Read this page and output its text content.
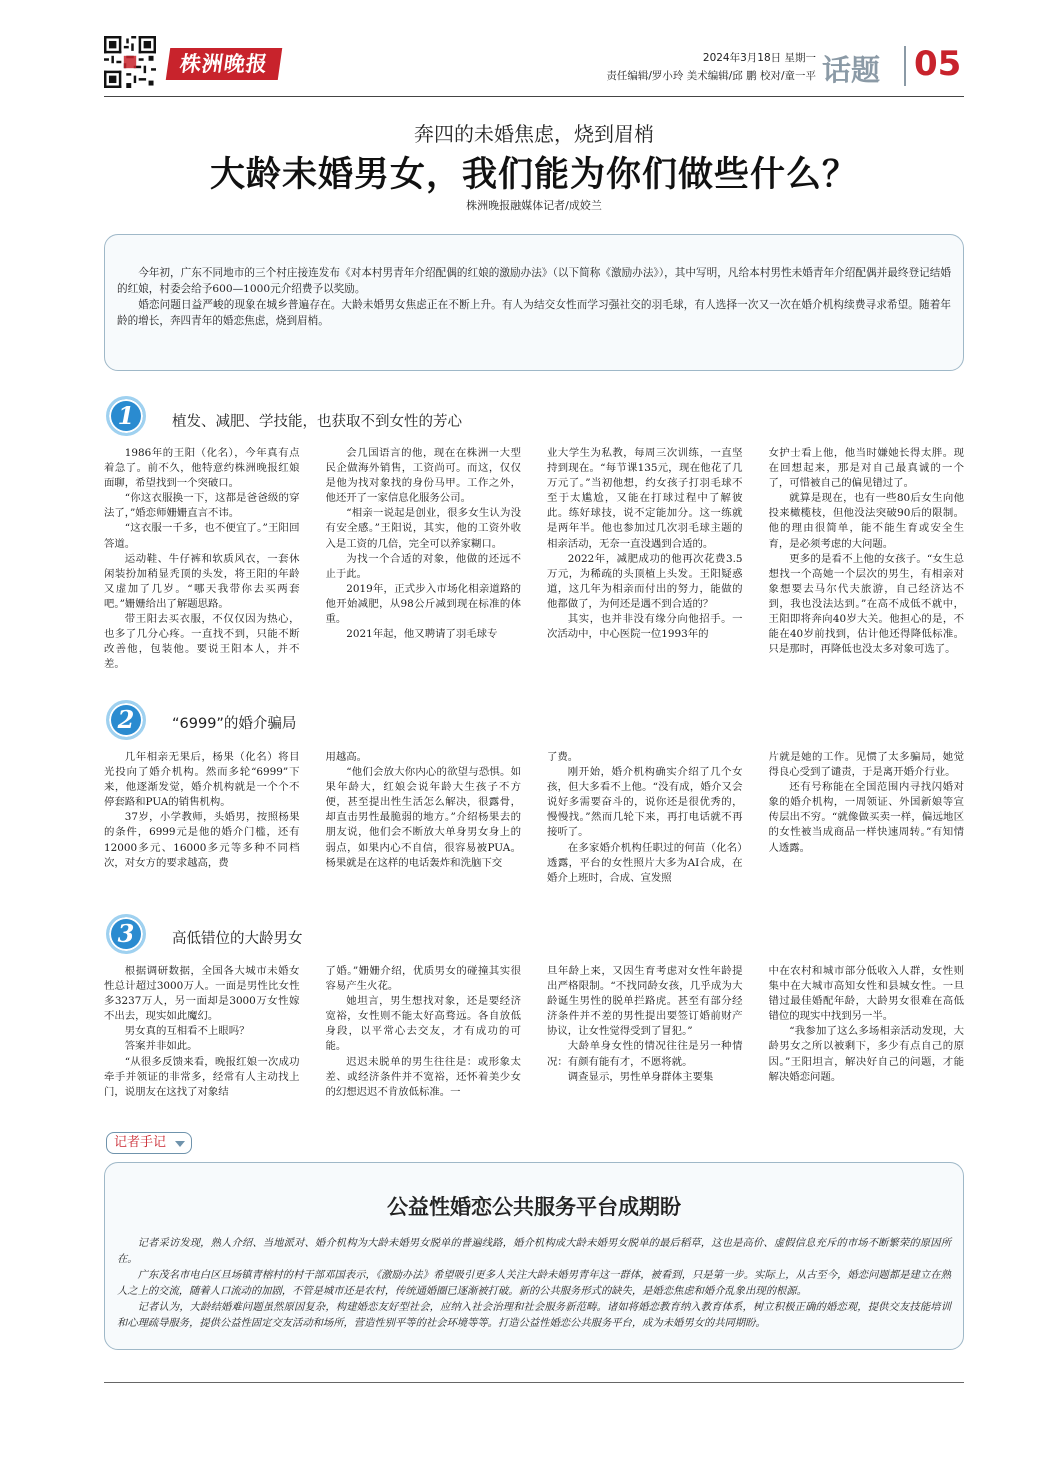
株洲晚报	2024年3月18日 星期一
责任编辑/罗小玲 美术编辑/邱 鹏 校对/童一平 话题 05
奔四的未婚焦虑，烧到眉梢
大龄未婚男女，我们能为你们做些什么？
株洲晚报融媒体记者/成姣兰

今年初，广东不同地市的三个村庄接连发布《对本村男青年介绍配偶的红娘的激励办法》（以下简称《激励办法》），其中写明，凡给本村男性未婚青年介绍配偶并最终登记结婚的红娘，村委会给予600—1000元介绍费予以奖励。

婚恋问题日益严峻的现象在城乡普遍存在。大龄未婚男女焦虑正在不断上升。有人为结交女性而学习强社交的羽毛球，有人选择一次又一次在婚介机构续费寻求希望。随着年龄的增长，奔四青年的婚恋焦虑，烧到眉梢。

1	植发、减肥、学技能，也获取不到女性的芳心

1986年的王阳（化名），今年真有点着急了。前不久，他特意约株洲晚报红娘面聊，希望找到一个突破口。

“你这衣服换一下，这都是爸爸级的穿法了，”婚恋师姗姗直言不讳。

“这衣服一千多，也不便宜了。”王阳回答道。

运动鞋、牛仔裤和软质风衣，一套休闲装扮加稍显秃顶的头发，将王阳的年龄又虚加了几岁。“哪天我带你去买两套吧。”姗姗给出了解题思路。

带王阳去买衣服，不仅仅因为热心，也多了几分心疼。一直找不到，只能不断改善他，包装他。要说王阳本人，并不差。

会几国语言的他，现在在株洲一大型民企做海外销售，工资尚可。而这，仅仅是他为找对象找的身份马甲。工作之外，他还开了一家信息化服务公司。

“相亲一说起是创业，很多女生认为没有安全感。”王阳说，其实，他的工资外收入是工资的几倍，完全可以养家糊口。

为找一个合适的对象，他做的还远不止于此。

2019年，正式步入市场化相亲道路的他开始减肥，从98公斤减到现在标准的体重。

2021年起，他又聘请了羽毛球专

业大学生为私教，每周三次训练，一直坚持到现在。“每节课135元，现在他花了几万元了。”当初他想，约女孩子打羽毛球不至于太尴尬，又能在打球过程中了解彼此。练好球技，说不定能加分。这一练就是两年半。他也参加过几次羽毛球主题的相亲活动，无奈一直没遇到合适的。

2022年，减肥成功的他再次花费3.5万元，为稀疏的头顶植上头发。王阳疑惑道，这几年为相亲而付出的努力，能做的他都做了，为何还是遇不到合适的？

其实，也并非没有缘分向他招手。一次活动中，中心医院一位1993年的

女护士看上他，他当时嫌她长得太胖。现在回想起来，那是对自己最真诚的一个了，可惜被自己的偏见错过了。

就算是现在，也有一些80后女生向他投来橄榄枝，但他没法突破90后的限制。他的理由很简单，能不能生育或安全生育，是必须考虑的大问题。

更多的是看不上他的女孩子。“女生总想找一个高她一个层次的男生，有相亲对象想要去马尔代夫旅游，自己经济达不到，我也没法达到。”在高不成低不就中，王阳即将奔向40岁大关。他担心的是，不能在40岁前找到，估计他还得降低标准。只是那时，再降低也没太多对象可选了。

2	“6999”的婚介骗局

几年相亲无果后，杨果（化名）将目光投向了婚介机构。然而多轮“6999”下来，他逐渐发觉，婚介机构就是一个个不停套路和PUA的销售机构。

37岁，小学教师，头婚男，按照杨果的条件，6999元是他的婚介门槛，还有12000多元、16000多元等多种不同档次，对女方的要求越高，费

用越高。

“他们会放大你内心的欲望与恐惧。如果年龄大，红娘会说年龄大生孩子不方便，甚至提出性生活怎么解决，很露骨，却直击男性最脆弱的地方。”介绍杨果去的朋友说，他们会不断放大单身男女身上的弱点，如果内心不自信，很容易被PUA。杨果就是在这样的电话轰炸和洗脑下交

了费。

刚开始，婚介机构确实介绍了几个女孩，但大多看不上他。“没有成，婚介又会说好多需要奋斗的，说你还是很优秀的，慢慢找。”然而几轮下来，再打电话就不再接听了。

在多家婚介机构任职过的何苗（化名）透露，平台的女性照片大多为AI合成，在婚介上班时，合成、宣发照

片就是她的工作。见惯了太多骗局，她觉得良心受到了谴责，于是离开婚介行业。

还有号称能在全国范围内寻找闪婚对象的婚介机构，一周领证、外国新娘等宣传层出不穷。“就像做买卖一样，偏远地区的女性被当成商品一样快速周转。”有知情人透露。

3	高低错位的大龄男女

根据调研数据，全国各大城市未婚女性总计超过3000万人。一面是男性比女性多3237万人，另一面却是3000万女性嫁不出去，现实如此魔幻。

男女真的互相看不上眼吗？

答案并非如此。

“从很多反馈来看，晚报红娘一次成功牵手并领证的非常多，经常有人主动找上门，说朋友在这找了对象结

了婚。”姗姗介绍，优质男女的碰撞其实很容易产生火花。

她坦言，男生想找对象，还是要经济宽裕，女性则不能太好高骛远。各自放低身段，以平常心去交友，才有成功的可能。

迟迟未脱单的男生往往是：或形象太差、或经济条件并不宽裕，还怀着美少女的幻想迟迟不肯放低标准。一

旦年龄上来，又因生育考虑对女性年龄提出严格限制。“不找同龄女孩，几乎成为大龄诞生男性的脱单拦路虎。甚至有部分经济条件并不差的男性提出要签订婚前财产协议，让女性觉得受到了冒犯。”

大龄单身女性的情况往往是另一种情况：有颜有能有才，不愿将就。

调查显示，男性单身群体主要集

中在农村和城市部分低收入人群，女性则集中在大城市高知女性和县城女性。一旦错过最佳婚配年龄，大龄男女很难在高低错位的现实中找到另一半。

“我参加了这么多场相亲活动发现，大龄男女之所以被剩下，多少有点自己的原因。”王阳坦言，解决好自己的问题，才能解决婚恋问题。

记者手记
公益性婚恋公共服务平台成期盼

记者采访发现，熟人介绍、当地派对、婚介机构为大龄未婚男女脱单的普遍线路，婚介机构成大龄未婚男女脱单的最后稻草，这也是高价、虚假信息充斥的市场不断繁荣的原因所在。

广东茂名市电白区旦场镇青榕村的村干部邓国表示，《激励办法》希望吸引更多人关注大龄未婚男青年这一群体，被看到，只是第一步。实际上，从古至今，婚恋问题都是建立在熟人之上的交流，随着人口流动的加剧，不管是城市还是农村，传统通婚圈已逐渐被打破。新的公共服务形式的缺失，是婚恋焦虑和婚介乱象出现的根源。

记者认为，大龄结婚难问题虽然原因复杂，构建婚恋友好型社会，应纳入社会治理和社会服务新范畴。诸如将婚恋教育纳入教育体系，树立积极正确的婚恋观，提供交友技能培训和心理疏导服务，提供公益性固定交友活动和场所，营造性别平等的社会环境等等。打造公益性婚恋公共服务平台，成为未婚男女的共同期盼。
